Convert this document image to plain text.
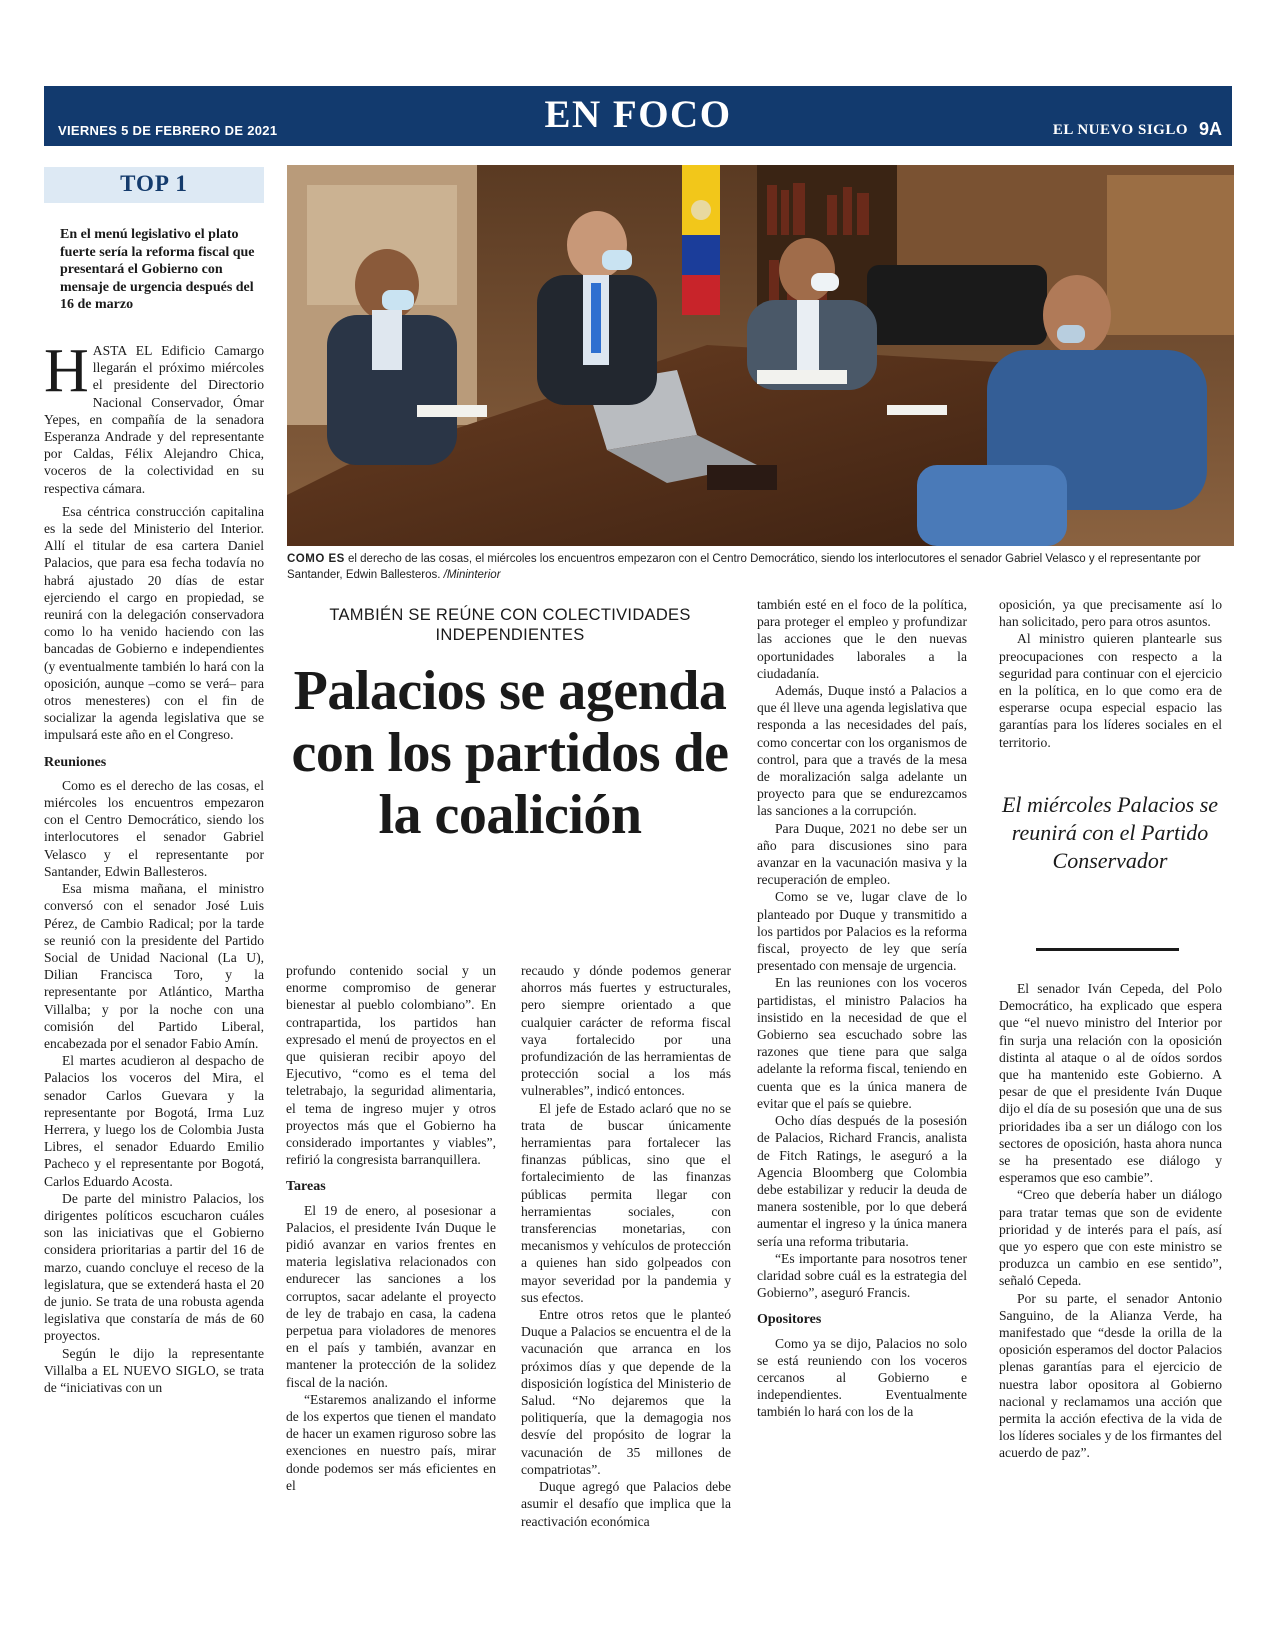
VIERNES 5 DE FEBRERO DE 2021	EN FOCO	EL NUEVO SIGLO 9A
TOP 1
En el menú legislativo el plato fuerte sería la reforma fiscal que presentará el Gobierno con mensaje de urgencia después del 16 de marzo

HASTA EL Edificio Camargo llegarán el próximo miércoles el presidente del Directorio Nacional Conservador, Ómar Yepes, en compañía de la senadora Esperanza Andrade y del representante por Caldas, Félix Alejandro Chica, voceros de la colectividad en su respectiva cámara.

Esa céntrica construcción capitalina es la sede del Ministerio del Interior. Allí el titular de esa cartera Daniel Palacios, que para esa fecha todavía no habrá ajustado 20 días de estar ejerciendo el cargo en propiedad, se reunirá con la delegación conservadora como lo ha venido haciendo con las bancadas de Gobierno e independientes (y eventualmente también lo hará con la oposición, aunque –como se verá– para otros menesteres) con el fin de socializar la agenda legislativa que se impulsará este año en el Congreso.

Reuniones

Como es el derecho de las cosas, el miércoles los encuentros empezaron con el Centro Democrático, siendo los interlocutores el senador Gabriel Velasco y el representante por Santander, Edwin Ballesteros.

Esa misma mañana, el ministro conversó con el senador José Luis Pérez, de Cambio Radical; por la tarde se reunió con la presidente del Partido Social de Unidad Nacional (La U), Dilian Francisca Toro, y la representante por Atlántico, Martha Villalba; y por la noche con una comisión del Partido Liberal, encabezada por el senador Fabio Amín.

El martes acudieron al despacho de Palacios los voceros del Mira, el senador Carlos Guevara y la representante por Bogotá, Irma Luz Herrera, y luego los de Colombia Justa Libres, el senador Eduardo Emilio Pacheco y el representante por Bogotá, Carlos Eduardo Acosta.

De parte del ministro Palacios, los dirigentes políticos escucharon cuáles son las iniciativas que el Gobierno considera prioritarias a partir del 16 de marzo, cuando concluye el receso de la legislatura, que se extenderá hasta el 20 de junio. Se trata de una robusta agenda legislativa que constaría de más de 60 proyectos.

Según le dijo la representante Villalba a EL NUEVO SIGLO, se trata de “iniciativas con un

COMO ES el derecho de las cosas, el miércoles los encuentros empezaron con el Centro Democrático, siendo los interlocutores el senador Gabriel Velasco y el representante por Santander, Edwin Ballesteros. /Mininterior
TAMBIÉN SE REÚNE CON COLECTIVIDADES INDEPENDIENTES
Palacios se agenda con los partidos de la coalición

profundo contenido social y un enorme compromiso de generar bienestar al pueblo colombiano”. En contrapartida, los partidos han expresado el menú de proyectos en el que quisieran recibir apoyo del Ejecutivo, “como es el tema del teletrabajo, la seguridad alimentaria, el tema de ingreso mujer y otros proyectos más que el Gobierno ha considerado importantes y viables”, refirió la congresista barranquillera.

Tareas

El 19 de enero, al posesionar a Palacios, el presidente Iván Duque le pidió avanzar en varios frentes en materia legislativa relacionados con endurecer las sanciones a los corruptos, sacar adelante el proyecto de ley de trabajo en casa, la cadena perpetua para violadores de menores en el país y también, avanzar en mantener la protección de la solidez fiscal de la nación.

“Estaremos analizando el informe de los expertos que tienen el mandato de hacer un examen riguroso sobre las exenciones en nuestro país, mirar donde podemos ser más eficientes en el

recaudo y dónde podemos generar ahorros más fuertes y estructurales, pero siempre orientado a que cualquier carácter de reforma fiscal vaya fortalecido por una profundización de las herramientas de protección social a los más vulnerables”, indicó entonces.

El jefe de Estado aclaró que no se trata de buscar únicamente herramientas para fortalecer las finanzas públicas, sino que el fortalecimiento de las finanzas públicas permita llegar con herramientas sociales, con transferencias monetarias, con mecanismos y vehículos de protección a quienes han sido golpeados con mayor severidad por la pandemia y sus efectos.

Entre otros retos que le planteó Duque a Palacios se encuentra el de la vacunación que arranca en los próximos días y que depende de la disposición logística del Ministerio de Salud. “No dejaremos que la politiquería, que la demagogia nos desvíe del propósito de lograr la vacunación de 35 millones de compatriotas”.

Duque agregó que Palacios debe asumir el desafío que implica que la reactivación económica

también esté en el foco de la política, para proteger el empleo y profundizar las acciones que le den nuevas oportunidades laborales a la ciudadanía.

Además, Duque instó a Palacios a que él lleve una agenda legislativa que responda a las necesidades del país, como concertar con los organismos de control, para que a través de la mesa de moralización salga adelante un proyecto para que se endurezcamos las sanciones a la corrupción.

Para Duque, 2021 no debe ser un año para discusiones sino para avanzar en la vacunación masiva y la recuperación de empleo.

Como se ve, lugar clave de lo planteado por Duque y transmitido a los partidos por Palacios es la reforma fiscal, proyecto de ley que sería presentado con mensaje de urgencia.

En las reuniones con los voceros partidistas, el ministro Palacios ha insistido en la necesidad de que el Gobierno sea escuchado sobre las razones que tiene para que salga adelante la reforma fiscal, teniendo en cuenta que es la única manera de evitar que el país se quiebre.

Ocho días después de la posesión de Palacios, Richard Francis, analista de Fitch Ratings, le aseguró a la Agencia Bloomberg que Colombia debe estabilizar y reducir la deuda de manera sostenible, por lo que deberá aumentar el ingreso y la única manera sería una reforma tributaria.

“Es importante para nosotros tener claridad sobre cuál es la estrategia del Gobierno”, aseguró Francis.

Opositores

Como ya se dijo, Palacios no solo se está reuniendo con los voceros cercanos al Gobierno e independientes. Eventualmente también lo hará con los de la

oposición, ya que precisamente así lo han solicitado, pero para otros asuntos.

Al ministro quieren plantearle sus preocupaciones con respecto a la seguridad para continuar con el ejercicio en la política, en lo que como era de esperarse ocupa especial espacio las garantías para los líderes sociales en el territorio.

El miércoles Palacios se reunirá con el Partido Conservador

El senador Iván Cepeda, del Polo Democrático, ha explicado que espera que “el nuevo ministro del Interior por fin surja una relación con la oposición distinta al ataque o al de oídos sordos que ha mantenido este Gobierno. A pesar de que el presidente Iván Duque dijo el día de su posesión que una de sus prioridades iba a ser un diálogo con los sectores de oposición, hasta ahora nunca se ha presentado ese diálogo y esperamos que eso cambie”.

“Creo que debería haber un diálogo para tratar temas que son de evidente prioridad y de interés para el país, así que yo espero que con este ministro se produzca un cambio en ese sentido”, señaló Cepeda.

Por su parte, el senador Antonio Sanguino, de la Alianza Verde, ha manifestado que “desde la orilla de la oposición esperamos del doctor Palacios plenas garantías para el ejercicio de nuestra labor opositora al Gobierno nacional y reclamamos una acción que permita la acción efectiva de la vida de los líderes sociales y de los firmantes del acuerdo de paz”.
